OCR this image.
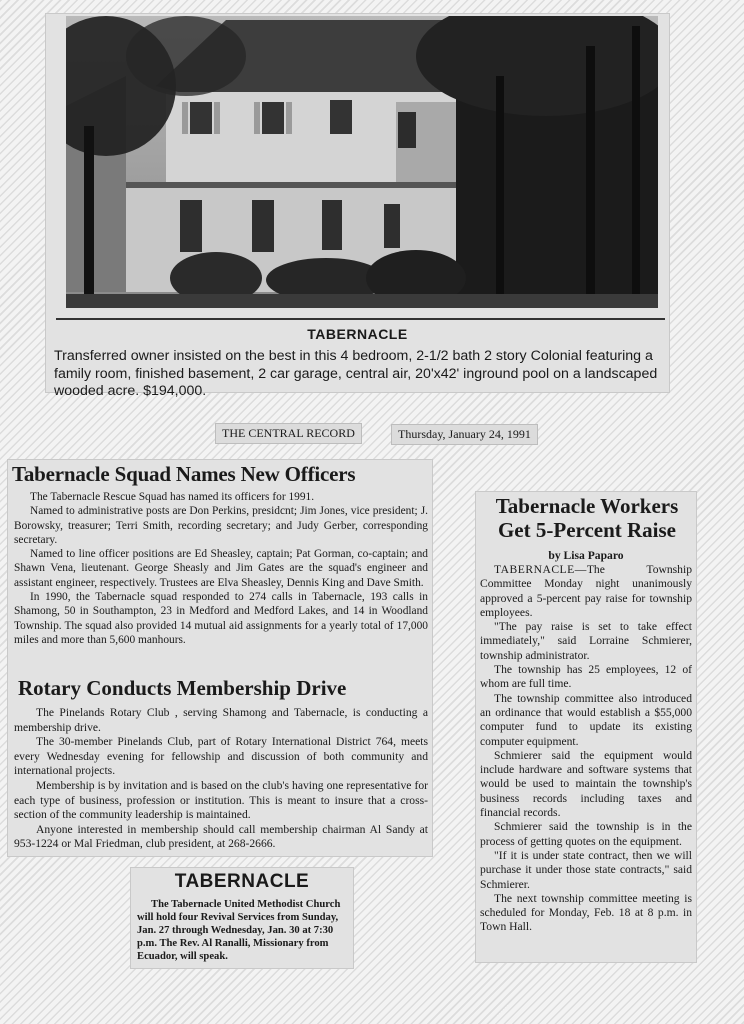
TABERNACLE
Transferred owner insisted on the best in this 4 bedroom, 2-1/2 bath 2 story Colonial featuring a family room, finished basement, 2 car garage, central air, 20'x42' inground pool on a landscaped wooded acre. $194,000.
THE CENTRAL RECORD	Thursday, January 24, 1991
Tabernacle Squad Names New Officers

The Tabernacle Rescue Squad has named its officers for 1991.

Named to administrative posts are Don Perkins, presidcnt; Jim Jones, vice president; J. Borowsky, treasurer; Terri Smith, recording secretary; and Judy Gerber, corresponding secretary.

Named to line officer positions are Ed Sheasley, captain; Pat Gorman, co-captain; and Shawn Vena, lieutenant. George Sheasly and Jim Gates are the squad's engineer and assistant engineer, respectively. Trustees are Elva Sheasley, Dennis King and Dave Smith.

In 1990, the Tabernacle squad responded to 274 calls in Tabernacle, 193 calls in Shamong, 50 in Southampton, 23 in Medford and Medford Lakes, and 14 in Woodland Township. The squad also provided 14 mutual aid assignments for a yearly total of 17,000 miles and more than 5,600 manhours.

Rotary Conducts Membership Drive

The Pinelands Rotary Club , serving Shamong and Tabernacle, is conducting a membership drive.

The 30-member Pinelands Club, part of Rotary International District 764, meets every Wednesday evening for fellowship and discussion of both community and international projects.

Membership is by invitation and is based on the club's having one representative for each type of business, profession or institution. This is meant to insure that a cross-section of the community leadership is maintained.

Anyone interested in membership should call membership chairman Al Sandy at 953-1224 or Mal Friedman, club president, at 268-2666.

Tabernacle Workers Get 5-Percent Raise
by Lisa Paparo

TABERNACLE—The Township Committee Monday night unanimously approved a 5-percent pay raise for township employees.

"The pay raise is set to take effect immediately," said Lorraine Schmierer, township administrator.

The township has 25 employees, 12 of whom are full time.

The township committee also introduced an ordinance that would establish a $55,000 computer fund to update its existing computer equipment.

Schmierer said the equipment would include hardware and software systems that would be used to maintain the township's business records including taxes and financial records.

Schmierer said the township is in the process of getting quotes on the equipment.

"If it is under state contract, then we will purchase it under those state contracts," said Schmierer.

The next township committee meeting is scheduled for Monday, Feb. 18 at 8 p.m. in Town Hall.

TABERNACLE
The Tabernacle United Methodist Church will hold four Revival Services from Sunday, Jan. 27 through Wednesday, Jan. 30 at 7:30 p.m. The Rev. Al Ranalli, Missionary from Ecuador, will speak.
